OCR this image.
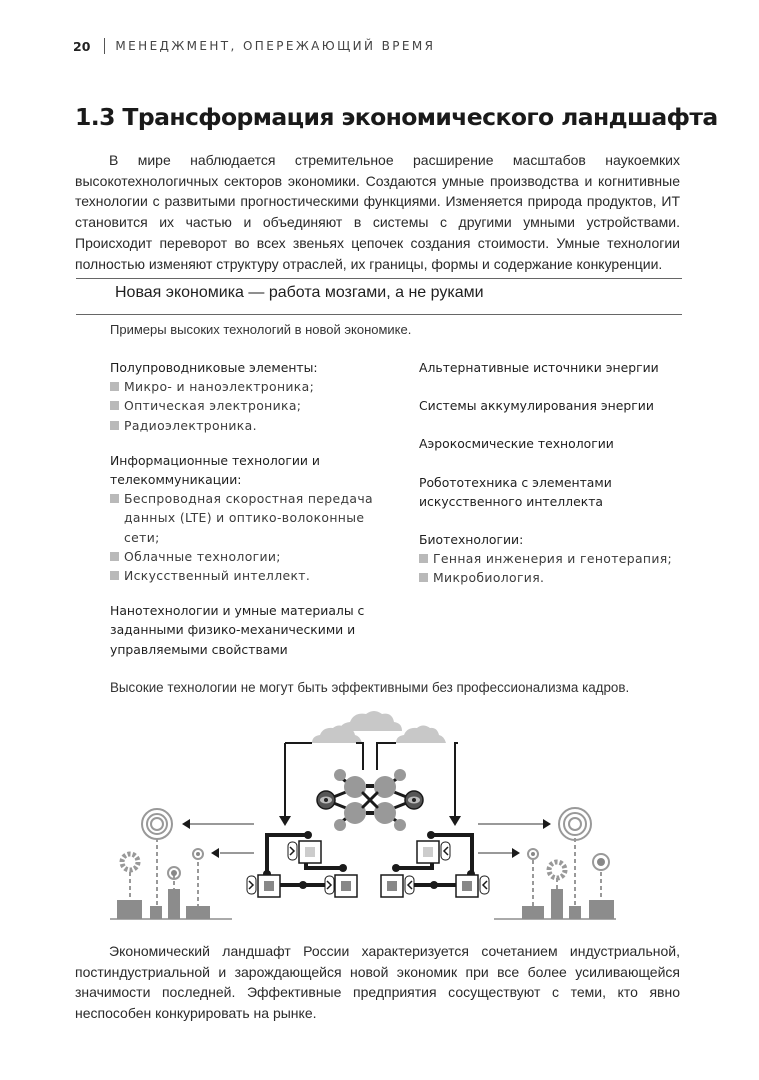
20 МЕНЕДЖМЕНТ, ОПЕРЕЖАЮЩИЙ ВРЕМЯ
1.3 Трансформация экономического ландшафта

В мире наблюдается стремительное расширение масштабов наукоемких высокотехнологичных секторов экономики. Создаются умные производства и когнитивные технологии с развитыми прогностическими функциями. Изменяется природа продуктов, ИТ становится их частью и объединяют в системы с другими умными устройствами. Происходит переворот во всех звеньях цепочек создания стоимости. Умные технологии полностью изменяют структуру отраслей, их границы, формы и содержание конкуренции.

Новая экономика — работа мозгами, а не руками
Примеры высоких технологий в новой экономике.
Полупроводниковые элементы:
Микро- и наноэлектроника;
Оптическая электроника;
Радиоэлектроника.
Информационные технологии и телекоммуникации:
Беспроводная скоростная передача данных (LTE) и оптико-волоконные сети;
Облачные технологии;
Искусственный интеллект.
Нанотехнологии и умные материалы с заданными физико-механическими и управляемыми свойствами
Альтернативные источники энергии
Системы аккумулирования энергии
Аэрокосмические технологии
Робототехника с элементами искусственного интеллекта
Биотехнологии:
Генная инженерия и генотерапия;
Микробиология.
Высокие технологии не могут быть эффективными без профессионализма кадров.

Экономический ландшафт России характеризуется сочетанием индустриальной, постиндустриальной и зарождающейся новой экономик при все более усиливающейся значимости последней. Эффективные предприятия сосуществуют с теми, кто явно неспособен конкурировать на рынке.
